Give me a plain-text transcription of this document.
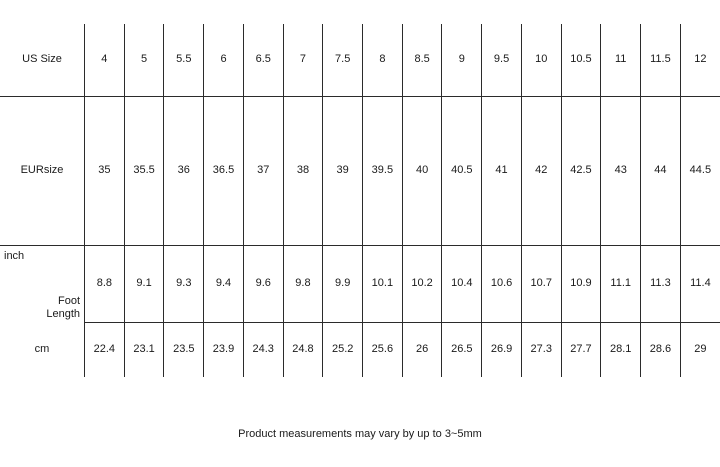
US Size	4	5	5.5	6	6.5	7	7.5	8	8.5	9	9.5	10	10.5	11	11.5	12
EURsize	35	35.5	36	36.5	37	38	39	39.5	40	40.5	41	42	42.5	43	44	44.5

inch
Foot
Length	8.8	9.1	9.3	9.4	9.6	9.8	9.9	10.1	10.2	10.4	10.6	10.7	10.9	11.1	11.3	11.4
cm	22.4	23.1	23.5	23.9	24.3	24.8	25.2	25.6	26	26.5	26.9	27.3	27.7	28.1	28.6	29
Product measurements may vary by up to 3~5mm
